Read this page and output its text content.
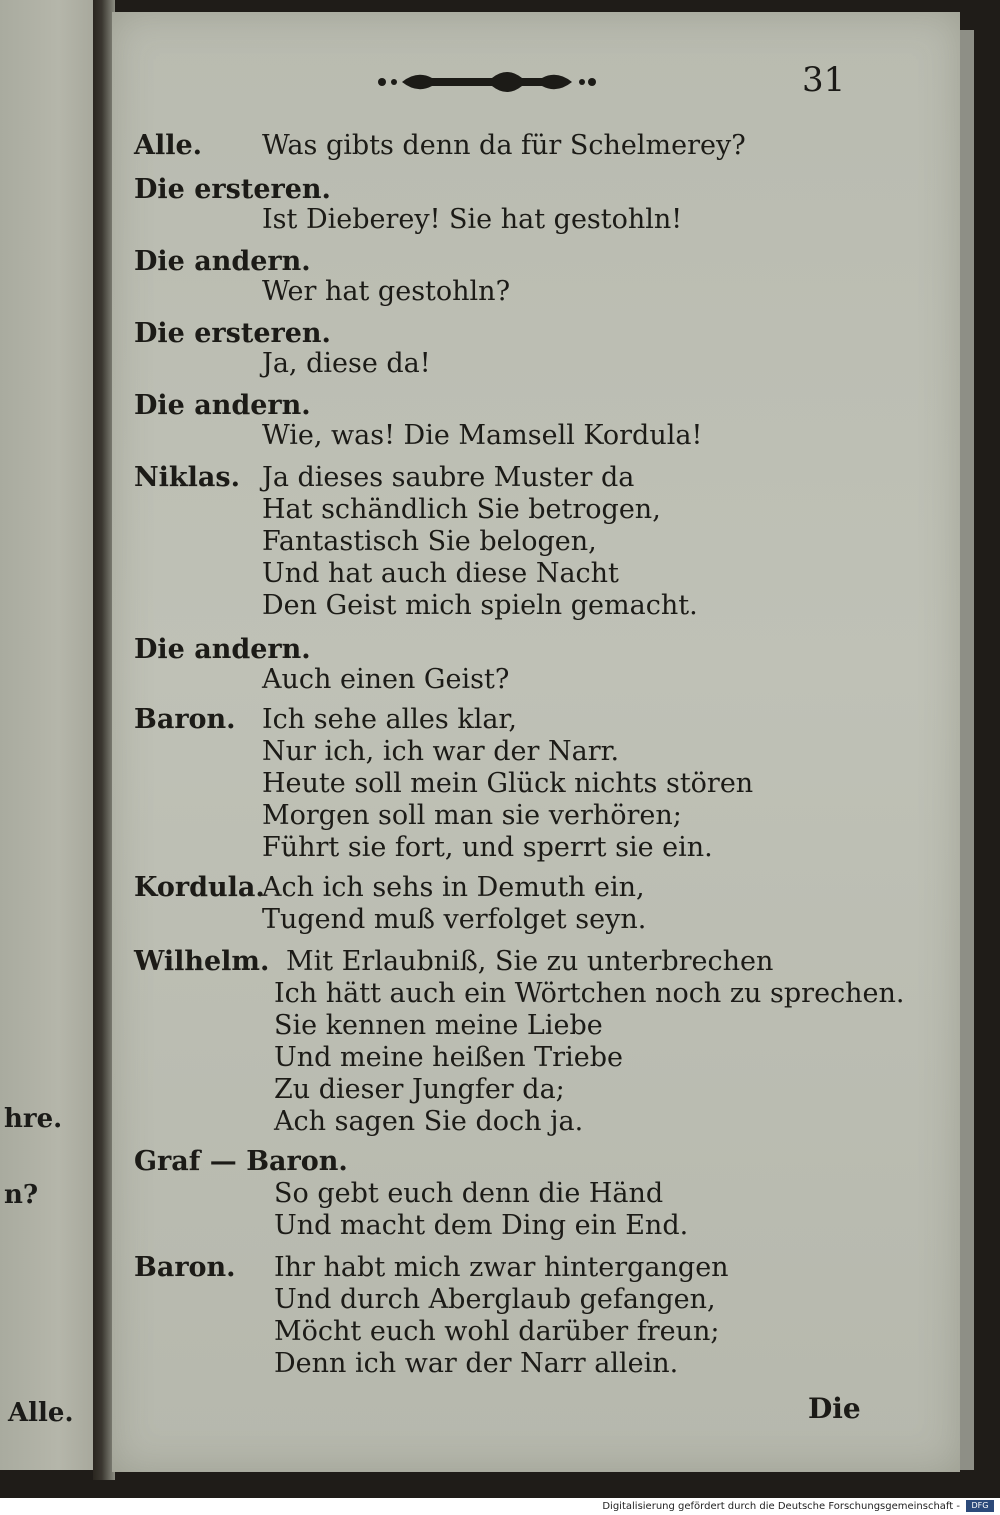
hre.
n?
Alle.
31
Alle. Was gibts denn da für Schelmerey?
Die ersteren.
Ist Dieberey! Sie hat gestohln!
Die andern.
Wer hat gestohln?
Die ersteren.
Ja, diese da!
Die andern.
Wie, was! Die Mamsell Kordula!
Niklas. Ja dieses saubre Muster da
Hat schändlich Sie betrogen,
Fantastisch Sie belogen,
Und hat auch diese Nacht
Den Geist mich spieln gemacht.
Die andern.
Auch einen Geist?
Baron. Ich sehe alles klar,
Nur ich, ich war der Narr.
Heute soll mein Glück nichts stören
Morgen soll man sie verhören;
Führt sie fort, und sperrt sie ein.
Kordula.
Ach ich sehs in Demuth ein,
Tugend muß verfolget seyn.
Wilhelm. Mit Erlaubniß, Sie zu unterbrechen
Ich hätt auch ein Wörtchen noch zu sprechen.
Sie kennen meine Liebe
Und meine heißen Triebe
Zu dieser Jungfer da;
Ach sagen Sie doch ja.
Graf — Baron.
So gebt euch denn die Händ
Und macht dem Ding ein End.
Baron. Ihr habt mich zwar hintergangen
Und durch Aberglaub gefangen,
Möcht euch wohl darüber freun;
Denn ich war der Narr allein.
Die
Digitalisierung gefördert durch die Deutsche Forschungsgemeinschaft -	DFG
